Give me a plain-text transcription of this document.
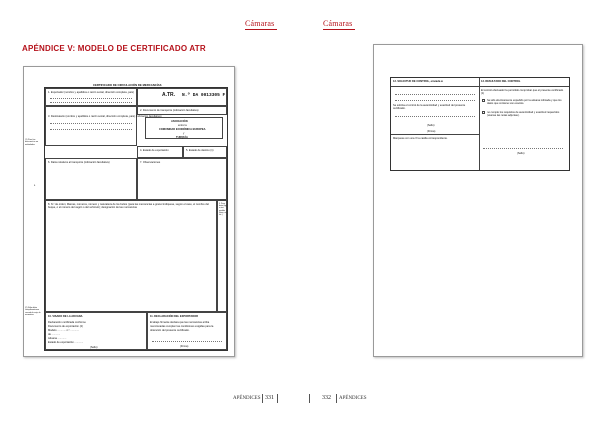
Cámaras	Cámaras
APÉNDICE V: MODELO DE CERTIFICADO ATR
(1) Para las mercancías no embaladas
(2) Sólo debe cumplimentarse cuando lo exija la normativa
8.
CERTIFICADO DE CIRCULACIÓN DE MERCANCÍAS
1. Exportador (nombre y apellidos o razón social, dirección completa, país)	A.TR. N.º DA 0013305 F
2. Documento de transporte (indicación facultativa)
3. Destinatario (nombre y apellidos o razón social, dirección completa, país) (indicación facultativa)
ASOCIACIÓN
entre la
COMUNIDAD ECONÓMICA EUROPEA
y
TURQUÍA
4. Estado de exportación	5. Estado de destino (1)
6. Datos relativos al transporte (indicación facultativa)	7. Observaciones
8. N.º de orden; Marcas, números, número y naturaleza de los bultos (para las mercancías a granel indíquese, según el caso, el nombre del buque, o el número del vagón o del vehículo); designación de las mercancías
9. Peso bruto (kg) u otra medida (litros, m³, etc.)
10. VISADO DE LA ADUANA
Declaración certificada conforme
Documento de exportación (2)
Modelo ............ n.º ............
de ............
Aduana ............
Estado de exportación ............
(Sello)
11. DECLARACIÓN DEL EXPORTADOR
El abajo firmante declara que las mercancías arriba
mencionadas cumplen las condiciones exigidas para la
obtención del presente certificado.
(Firma)
12. SOLICITUD DE CONTROL, enviada a:	13. RESULTADO DEL CONTROL
Se solicita el control de la autenticidad y exactitud del presente certificado.
(Sello)
(Firma)
Márquese con una X la casilla correspondiente.
El control efectuado ha permitido comprobar que el presente certificado (1)
ha sido efectivamente expedido por la aduana indicada y que los datos que contiene son exactos.
no cumple los requisitos de autenticidad y exactitud requeridos (véanse las notas adjuntas).
(Sello)
APÉNDICES 331	332 APÉNDICES
